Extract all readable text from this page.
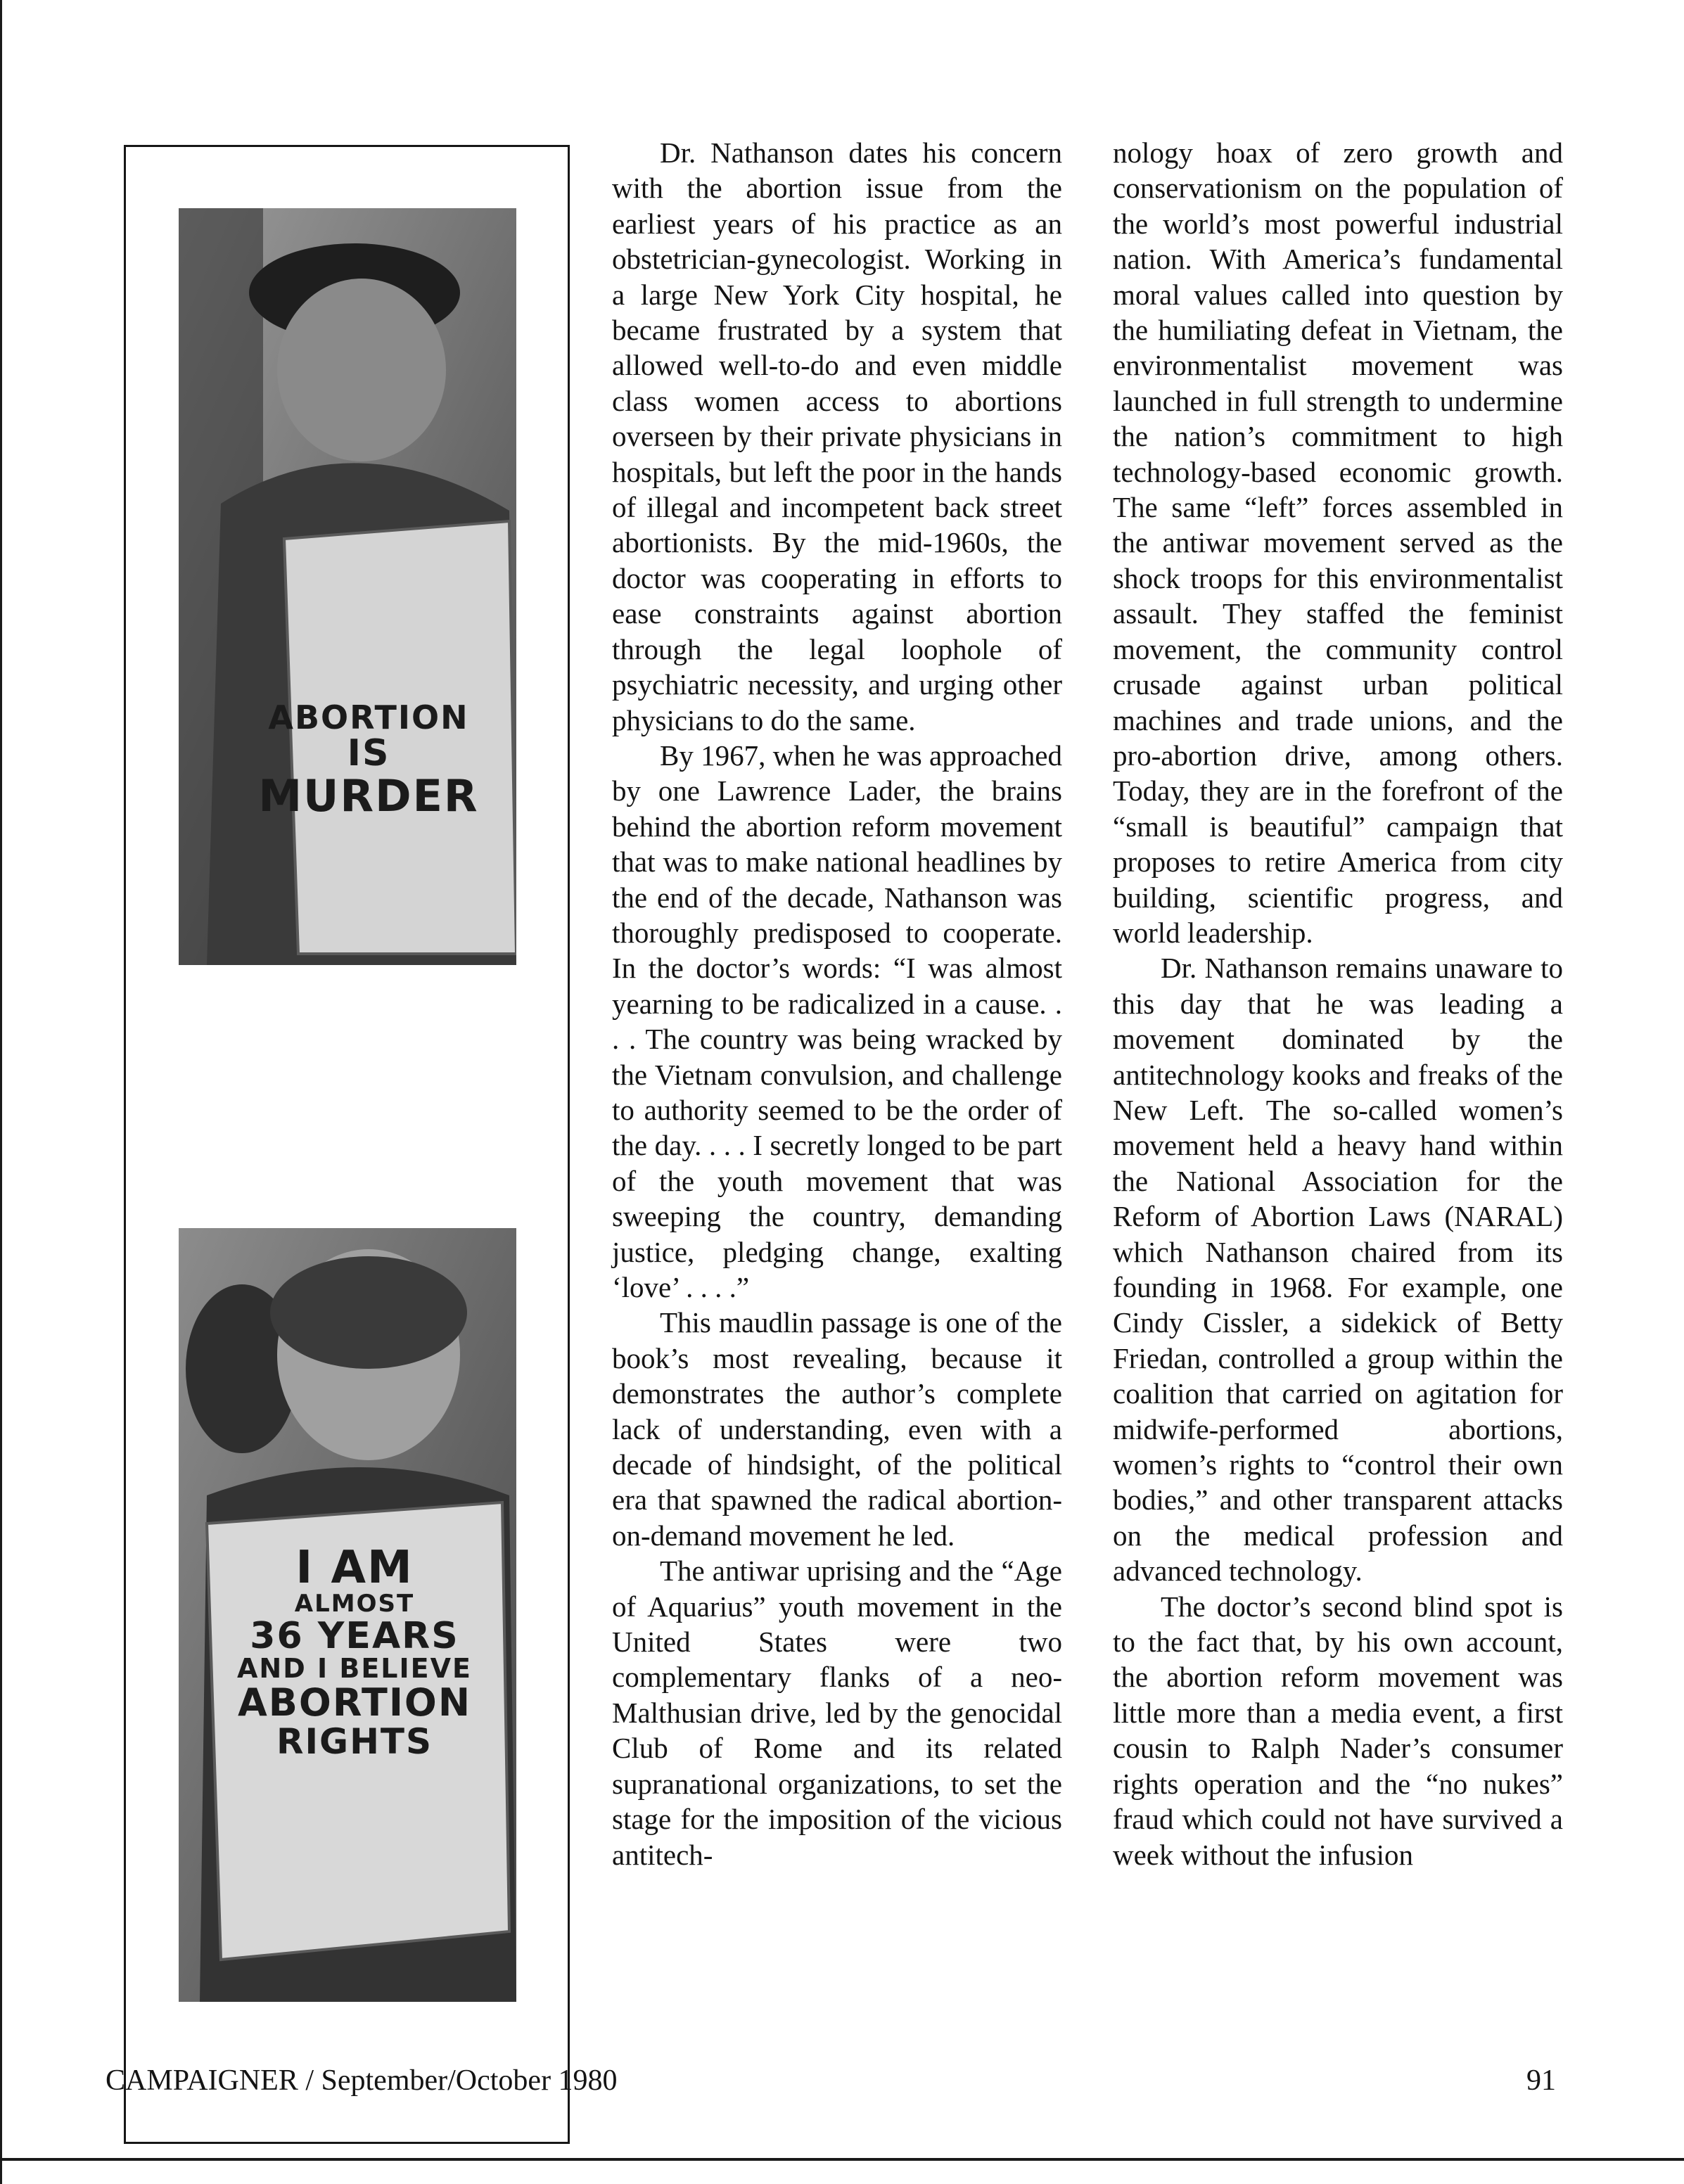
ABORTION
IS
MURDER
I AM
ALMOST
36 YEARS
AND I BELIEVE
ABORTION
RIGHTS

Dr. Nathanson dates his concern with the abortion issue from the earliest years of his practice as an obstetrician-gynecologist. Working in a large New York City hospital, he became frustrated by a system that allowed well-to-do and even middle class women access to abortions overseen by their private physicians in hospitals, but left the poor in the hands of illegal and incompetent back street abortionists. By the mid-1960s, the doctor was cooperating in efforts to ease constraints against abortion through the legal loophole of psychiatric necessity, and urging other physicians to do the same.

By 1967, when he was approached by one Lawrence Lader, the brains behind the abortion reform movement that was to make national headlines by the end of the decade, Nathanson was thoroughly predisposed to cooperate. In the doctor’s words: “I was almost yearning to be radicalized in a cause. . . . The country was being wracked by the Vietnam convulsion, and challenge to authority seemed to be the order of the day. . . . I secretly longed to be part of the youth movement that was sweeping the country, demanding justice, pledging change, exalting ‘love’ . . . .”

This maudlin passage is one of the book’s most revealing, because it demonstrates the author’s complete lack of understanding, even with a decade of hindsight, of the political era that spawned the radical abortion-on-demand movement he led.

The antiwar uprising and the “Age of Aquarius” youth movement in the United States were two complementary flanks of a neo-Malthusian drive, led by the genocidal Club of Rome and its related supranational organizations, to set the stage for the imposition of the vicious antitech-

nology hoax of zero growth and conservationism on the population of the world’s most powerful industrial nation. With America’s fundamental moral values called into question by the humiliating defeat in Vietnam, the environmentalist movement was launched in full strength to undermine the nation’s commitment to high technology-based economic growth. The same “left” forces assembled in the antiwar movement served as the shock troops for this environmentalist assault. They staffed the feminist movement, the community control crusade against urban political machines and trade unions, and the pro-abortion drive, among others. Today, they are in the forefront of the “small is beautiful” campaign that proposes to retire America from city building, scientific progress, and world leadership.

Dr. Nathanson remains unaware to this day that he was leading a movement dominated by the antitechnology kooks and freaks of the New Left. The so-called women’s movement held a heavy hand within the National Association for the Reform of Abortion Laws (NARAL) which Nathanson chaired from its founding in 1968. For example, one Cindy Cissler, a sidekick of Betty Friedan, controlled a group within the coalition that carried on agitation for midwife-performed abortions, women’s rights to “control their own bodies,” and other transparent attacks on the medical profession and advanced technology.

The doctor’s second blind spot is to the fact that, by his own account, the abortion reform movement was little more than a media event, a first cousin to Ralph Nader’s consumer rights operation and the “no nukes” fraud which could not have survived a week without the infusion

CAMPAIGNER / September/October 1980	91
